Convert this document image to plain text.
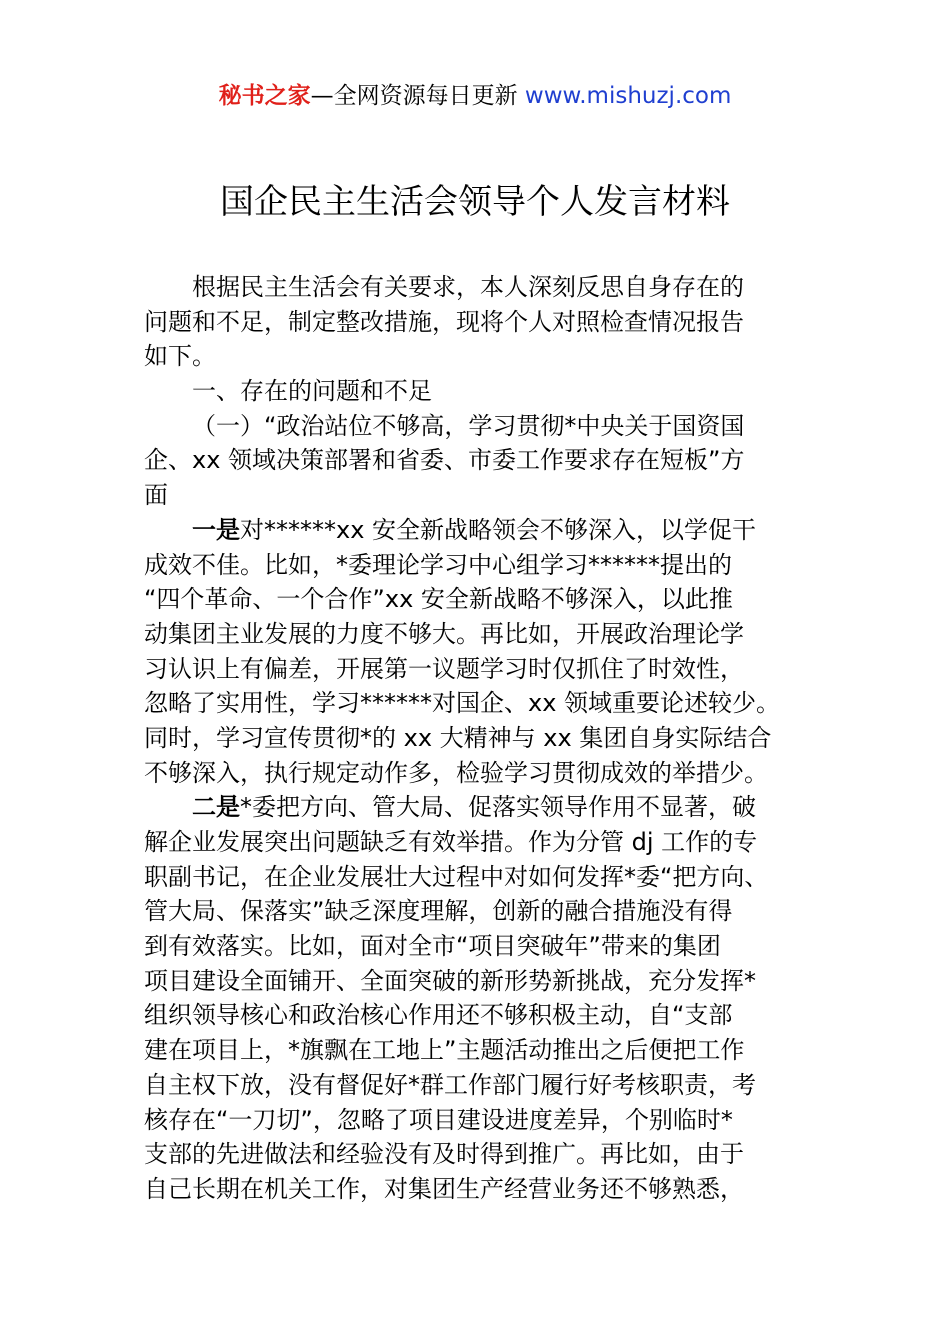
秘书之家—全网资源每日更新 www.mishuzj.com
国企民主生活会领导个人发言材料
根据民主生活会有关要求，本人深刻反思自身存在的
问题和不足，制定整改措施，现将个人对照检查情况报告
如下。
一、存在的问题和不足
（一）“政治站位不够高，学习贯彻*中央关于国资国
企、xx 领域决策部署和省委、市委工作要求存在短板”方
面
一是对******xx 安全新战略领会不够深入，以学促干
成效不佳。比如，*委理论学习中心组学习******提出的
“四个革命、一个合作”xx 安全新战略不够深入，以此推
动集团主业发展的力度不够大。再比如，开展政治理论学
习认识上有偏差，开展第一议题学习时仅抓住了时效性，
忽略了实用性，学习******对国企、xx 领域重要论述较少。
同时，学习宣传贯彻*的 xx 大精神与 xx 集团自身实际结合
不够深入，执行规定动作多，检验学习贯彻成效的举措少。
二是*委把方向、管大局、促落实领导作用不显著，破
解企业发展突出问题缺乏有效举措。作为分管 dj 工作的专
职副书记，在企业发展壮大过程中对如何发挥*委“把方向、
管大局、保落实”缺乏深度理解，创新的融合措施没有得
到有效落实。比如，面对全市“项目突破年”带来的集团
项目建设全面铺开、全面突破的新形势新挑战，充分发挥*
组织领导核心和政治核心作用还不够积极主动，自“支部
建在项目上，*旗飘在工地上”主题活动推出之后便把工作
自主权下放，没有督促好*群工作部门履行好考核职责，考
核存在“一刀切”，忽略了项目建设进度差异，个别临时*
支部的先进做法和经验没有及时得到推广。再比如，由于
自己长期在机关工作，对集团生产经营业务还不够熟悉，
